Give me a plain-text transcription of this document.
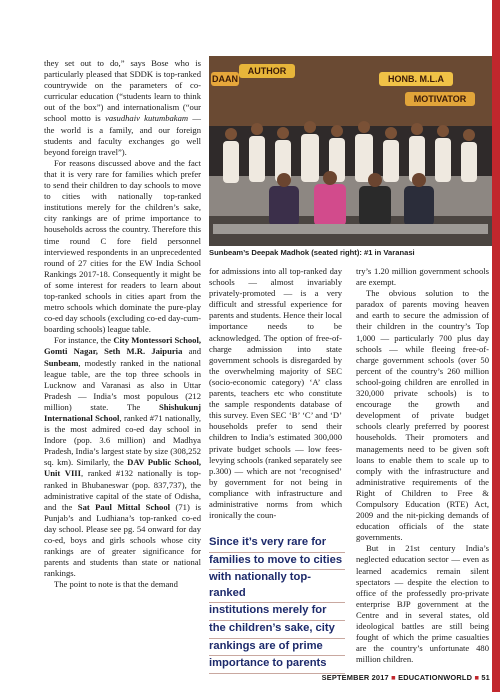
they set out to do,” says Bose who is particularly pleased that SDDK is top-ranked countrywide on the parameters of co-curricular education (“students learn to think out of the box”) and internationalism (“our school motto is vasudhaiv kutumbakam — the world is a family, and our foreign students and faculty exchanges go well beyond foreign travel”).

For reasons discussed above and the fact that it is very rare for families which prefer to send their children to day schools to move to cities with nationally top-ranked institutions merely for the children’s sake, city rankings are of prime importance to households across the country. Therefore this time round C fore field personnel interviewed respondents in an unprecedented round of 27 cities for the EW India School Rankings 2017-18. Consequently it might be of some interest for readers to learn about top-ranked schools in cities apart from the metro schools which dominate the pure-play co-ed day schools (excluding co-ed day-cum-boarding schools) league table.

For instance, the City Montessori School, Gomti Nagar, Seth M.R. Jaipuria and Sunbeam, modestly ranked in the national league table, are the top three schools in Lucknow and Varanasi as also in Uttar Pradesh — India’s most populous (212 million) state. The Shishukunj International School, ranked #71 nationally, is the most admired co-ed day school in Indore (pop. 3.6 million) and Madhya Pradesh, India’s largest state by size (308,252 sq. km). Similarly, the DAV Public School, Unit VIII, ranked #132 nationally is top-ranked in Bhubaneswar (pop. 837,737), the administrative capital of the state of Odisha, and the Sat Paul Mittal School (71) is Punjab’s and Ludhiana’s top-ranked co-ed day school. Please see pg. 54 onward for day co-ed, boys and girls schools whose city rankings are of greater significance for parents and students than state or national rankings.

The point to note is that the demand

AUTHOR
HONB. M.L.A
MOTIVATOR
DAAN
Sunbeam’s Deepak Madhok (seated right): #1 in Varanasi

for admissions into all top-ranked day schools — almost invariably privately-promoted — is a very difficult and stressful experience for parents and students. Hence their local importance needs to be acknowledged. The option of free-of-charge admission into state government schools is disregarded by the overwhelming majority of SEC (socio-economic category) ‘A’ class parents, teachers etc who constitute the sample respondents database of this survey. Even SEC ‘B’ ‘C’ and ‘D’ households prefer to send their children to India’s estimated 300,000 private budget schools — low fees-levying schools (ranked separately see p.300) — which are not ‘recognised’ by government for not being in compliance with infrastructure and administrative norms from which ironically the coun-

Since it’s very rare for
families to move to cities
with nationally top-ranked
institutions merely for
the children’s sake, city
rankings are of prime
importance to parents

try’s 1.20 million government schools are exempt.

The obvious solution to the paradox of parents moving heaven and earth to secure the admission of their children in the country’s Top 1,000 — particularly 700 plus day schools — while fleeing free-of-charge government schools (over 50 percent of the country’s 260 million school-going children are enrolled in 320,000 private schools) is to encourage the growth and development of private budget schools clearly preferred by poorest households. Their promoters and managements need to be given soft loans to enable them to scale up to comply with the infrastructure and administrative requirements of the Right of Children to Free & Compulsory Education (RTE) Act, 2009 and the nit-picking demands of education officials of the state governments.

But in 21st century India’s neglected education sector — even as learned academics remain silent spectators — despite the election to office of the professedly pro-private enterprise BJP government at the Centre and in several states, old ideological battles are still being fought of which the prime casualties are the country’s unfortunate 480 million children.

SEPTEMBER 2017 ■ EDUCATIONWORLD ■ 51
